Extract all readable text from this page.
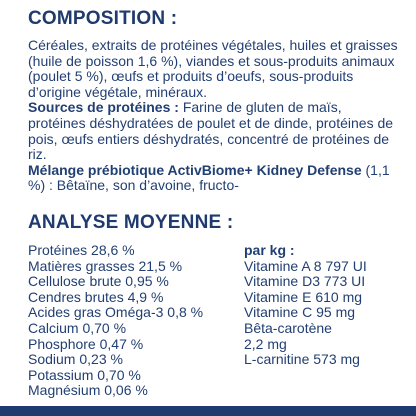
COMPOSITION :

Céréales, extraits de protéines végétales, huiles et graisses (huile de poisson 1,6 %), viandes et sous-produits animaux (poulet 5 %), œufs et produits d’oeufs, sous-produits d’origine végétale, minéraux.

Sources de protéines : Farine de gluten de maïs, protéines déshydratées de poulet et de dinde, protéines de pois, œufs entiers déshydratés, concentré de protéines de riz.

Mélange prébiotique ActivBiome+ Kidney Defense (1,1 %) : Bêtaïne, son d’avoine, fructo-

ANALYSE MOYENNE :
Protéines 28,6 %
Matières grasses 21,5 %
Cellulose brute 0,95 %
Cendres brutes 4,9 %
Acides gras Oméga-3 0,8 %
Calcium 0,70 %
Phosphore 0,47 %
Sodium 0,23 %
Potassium 0,70 %
Magnésium 0,06 %
par kg :
Vitamine A 8 797 UI
Vitamine D3 773 UI
Vitamine E 610 mg
Vitamine C 95 mg
Bêta-carotène
2,2 mg
L-carnitine 573 mg
